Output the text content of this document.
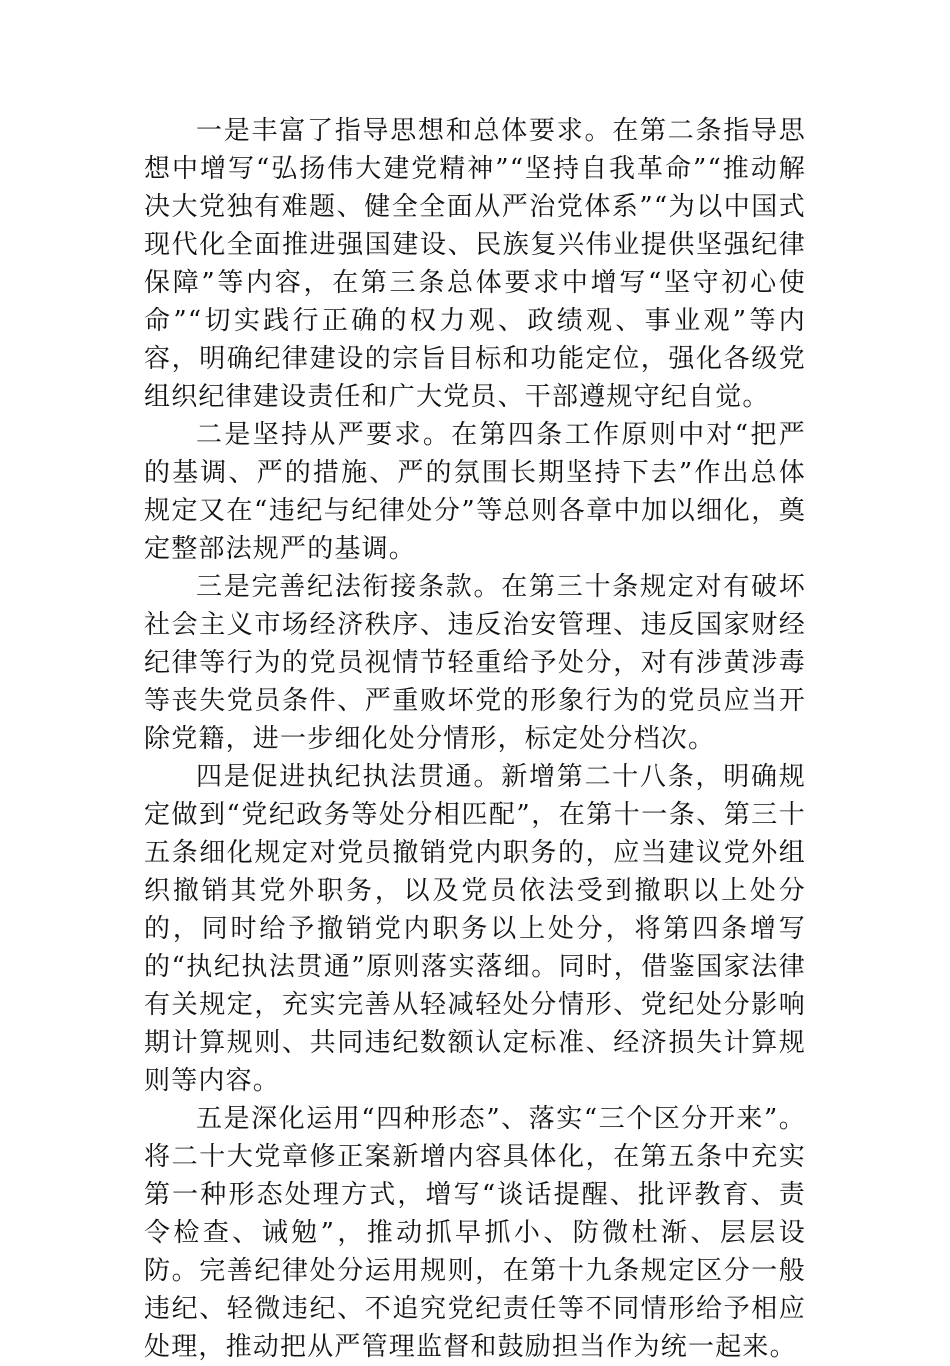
一是丰富了指导思想和总体要求。在第二条指导思想中增写“弘扬伟大建党精神”“坚持自我革命”“推动解决大党独有难题、健全全面从严治党体系”“为以中国式现代化全面推进强国建设、民族复兴伟业提供坚强纪律保障”等内容，在第三条总体要求中增写“坚守初心使命”“切实践行正确的权力观、政绩观、事业观”等内容，明确纪律建设的宗旨目标和功能定位，强化各级党组织纪律建设责任和广大党员、干部遵规守纪自觉。

二是坚持从严要求。在第四条工作原则中对“把严的基调、严的措施、严的氛围长期坚持下去”作出总体规定又在“违纪与纪律处分”等总则各章中加以细化，奠定整部法规严的基调。

三是完善纪法衔接条款。在第三十条规定对有破坏社会主义市场经济秩序、违反治安管理、违反国家财经纪律等行为的党员视情节轻重给予处分，对有涉黄涉毒等丧失党员条件、严重败坏党的形象行为的党员应当开除党籍，进一步细化处分情形，标定处分档次。

四是促进执纪执法贯通。新增第二十八条，明确规定做到“党纪政务等处分相匹配”，在第十一条、第三十五条细化规定对党员撤销党内职务的，应当建议党外组织撤销其党外职务，以及党员依法受到撤职以上处分的，同时给予撤销党内职务以上处分，将第四条增写的“执纪执法贯通”原则落实落细。同时，借鉴国家法律有关规定，充实完善从轻减轻处分情形、党纪处分影响期计算规则、共同违纪数额认定标准、经济损失计算规则等内容。

五是深化运用“四种形态”、落实“三个区分开来”。将二十大党章修正案新增内容具体化，在第五条中充实第一种形态处理方式，增写“谈话提醒、批评教育、责令检查、诫勉”，推动抓早抓小、防微杜渐、层层设防。完善纪律处分运用规则，在第十九条规定区分一般违纪、轻微违纪、不追究党纪责任等不同情形给予相应处理，推动把从严管理监督和鼓励担当作为统一起来。
